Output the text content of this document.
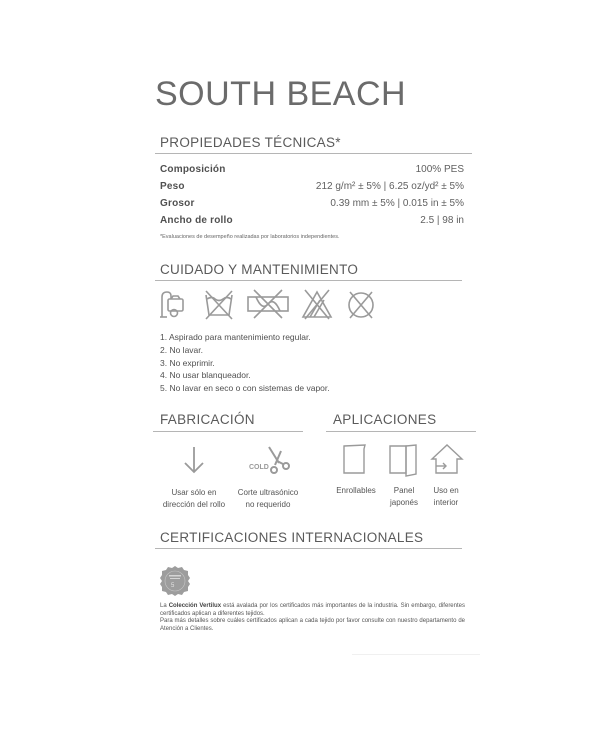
SOUTH BEACH
PROPIEDADES TÉCNICAS*
Composición	100% PES
Peso	212 g/m² ± 5% | 6.25 oz/yd² ± 5%
Grosor	0.39 mm ± 5% | 0.015 in ± 5%
Ancho de rollo	2.5 | 98 in
*Evaluaciones de desempeño realizadas por laboratorios independientes.
CUIDADO Y MANTENIMIENTO
1. Aspirado para mantenimiento regular.
2. No lavar.
3. No exprimir.
4. No usar blanqueador.
5. No lavar en seco o con sistemas de vapor.
FABRICACIÓN
Usar sólo en
dirección del rollo
COLD
Corte ultrasónico
no requerido
APLICACIONES
Enrollables	Panel
japonés
Uso en
interior
CERTIFICACIONES INTERNACIONALES
5
La Colección Vertilux está avalada por los certificados más importantes de la industria. Sin embargo, diferentes certificados aplican a diferentes tejidos.
Para más detalles sobre cuáles certificados aplican a cada tejido por favor consulte con nuestro departamento de Atención a Clientes.
